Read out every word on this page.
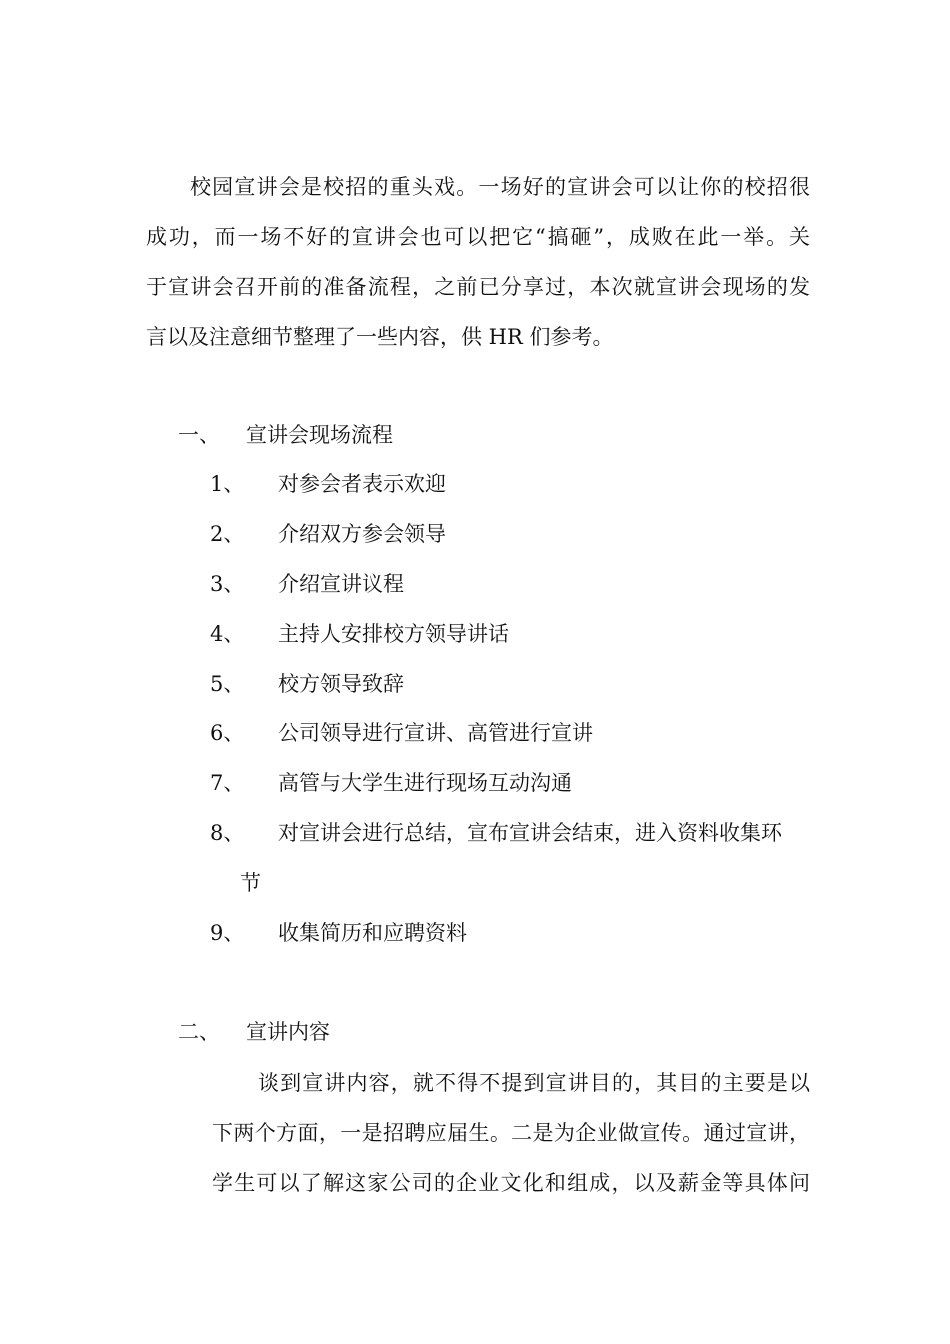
校园宣讲会是校招的重头戏。一场好的宣讲会可以让你的校招很
成功，而一场不好的宣讲会也可以把它“搞砸”，成败在此一举。关
于宣讲会召开前的准备流程，之前已分享过，本次就宣讲会现场的发
言以及注意细节整理了一些内容，供 HR 们参考。
一、 宣讲会现场流程
1、 对参会者表示欢迎
2、 介绍双方参会领导
3、 介绍宣讲议程
4、 主持人安排校方领导讲话
5、 校方领导致辞
6、 公司领导进行宣讲、高管进行宣讲
7、 高管与大学生进行现场互动沟通
8、 对宣讲会进行总结，宣布宣讲会结束，进入资料收集环
节
9、 收集简历和应聘资料
二、 宣讲内容
谈到宣讲内容，就不得不提到宣讲目的，其目的主要是以
下两个方面，一是招聘应届生。二是为企业做宣传。通过宣讲，
学生可以了解这家公司的企业文化和组成，以及薪金等具体问
